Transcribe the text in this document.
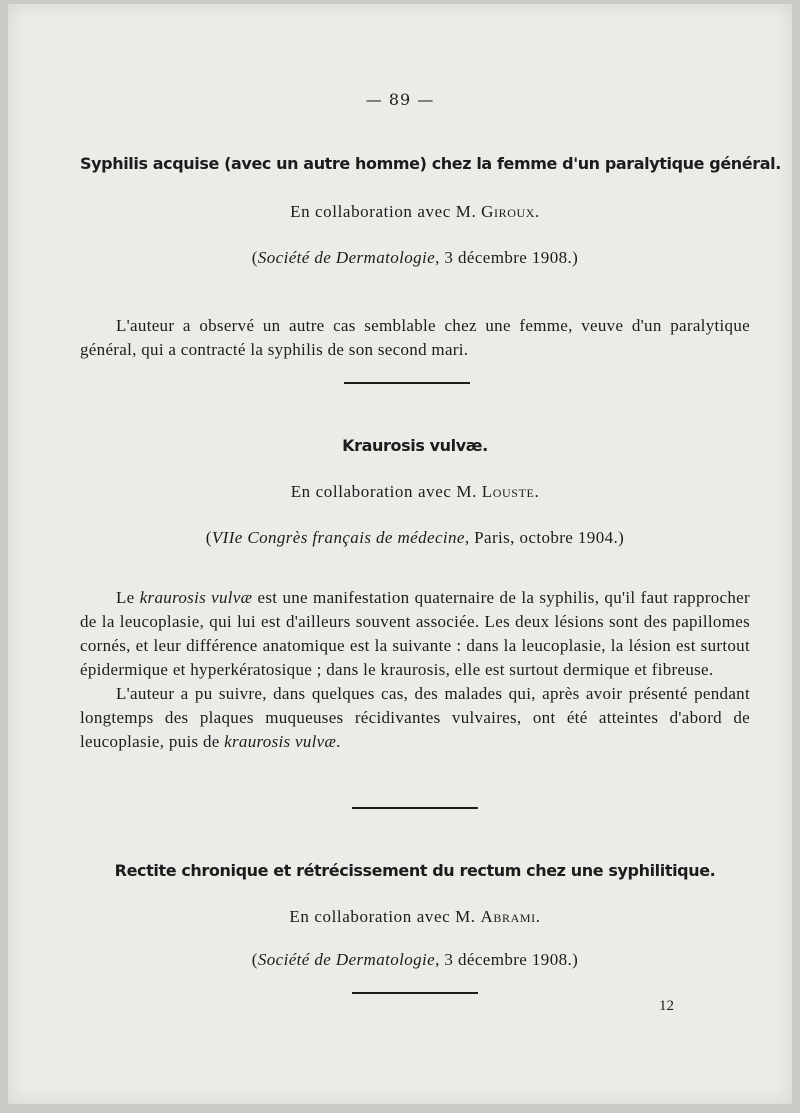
— 89 —
Syphilis acquise (avec un autre homme) chez la femme d'un paralytique général.
En collaboration avec M. Giroux.
(Société de Dermatologie, 3 décembre 1908.)

L'auteur a observé un autre cas semblable chez une femme, veuve d'un paralytique général, qui a contracté la syphilis de son second mari.

Kraurosis vulvæ.
En collaboration avec M. Louste.
(VIIe Congrès français de médecine, Paris, octobre 1904.)

Le kraurosis vulvæ est une manifestation quaternaire de la syphilis, qu'il faut rapprocher de la leucoplasie, qui lui est d'ailleurs souvent associée. Les deux lésions sont des papillomes cornés, et leur différence anatomique est la suivante : dans la leucoplasie, la lésion est surtout épidermique et hyperkératosique ; dans le kraurosis, elle est surtout dermique et fibreuse.

L'auteur a pu suivre, dans quelques cas, des malades qui, après avoir présenté pendant longtemps des plaques muqueuses récidivantes vulvaires, ont été atteintes d'abord de leucoplasie, puis de kraurosis vulvæ.

Rectite chronique et rétrécissement du rectum chez une syphilitique.
En collaboration avec M. Abrami.
(Société de Dermatologie, 3 décembre 1908.)
12
